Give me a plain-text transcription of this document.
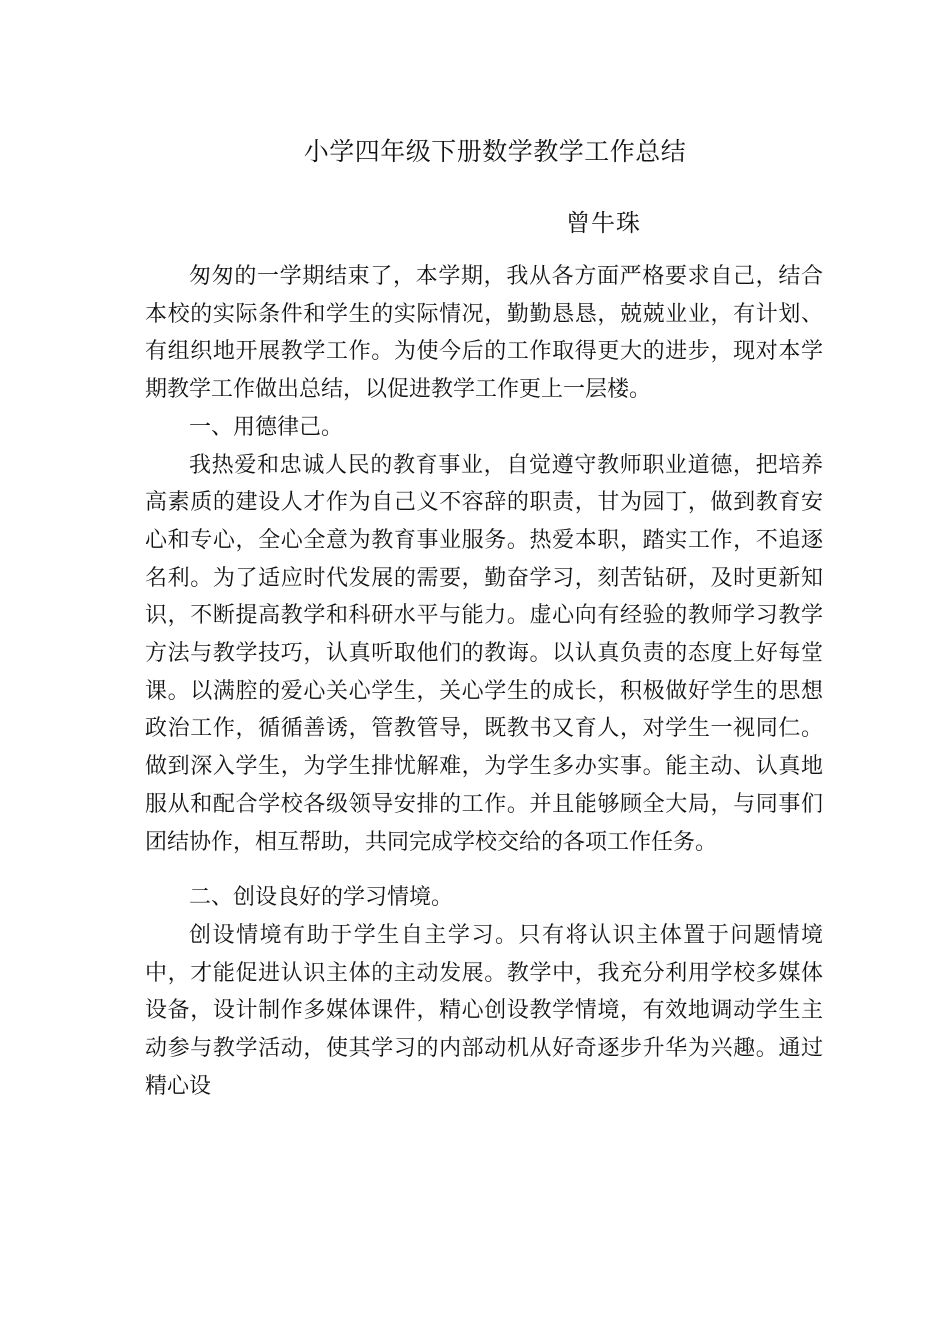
小学四年级下册数学教学工作总结
曾牛珠

匆匆的一学期结束了，本学期，我从各方面严格要求自己，结合本校的实际条件和学生的实际情况，勤勤恳恳，兢兢业业，有计划、有组织地开展教学工作。为使今后的工作取得更大的进步，现对本学期教学工作做出总结，以促进教学工作更上一层楼。

一、用德律己。

我热爱和忠诚人民的教育事业，自觉遵守教师职业道德，把培养高素质的建设人才作为自己义不容辞的职责，甘为园丁，做到教育安心和专心，全心全意为教育事业服务。热爱本职，踏实工作，不追逐名利。为了适应时代发展的需要，勤奋学习，刻苦钻研，及时更新知识，不断提高教学和科研水平与能力。虚心向有经验的教师学习教学方法与教学技巧，认真听取他们的教诲。以认真负责的态度上好每堂课。以满腔的爱心关心学生，关心学生的成长，积极做好学生的思想政治工作，循循善诱，管教管导，既教书又育人，对学生一视同仁。做到深入学生，为学生排忧解难，为学生多办实事。能主动、认真地服从和配合学校各级领导安排的工作。并且能够顾全大局，与同事们团结协作，相互帮助，共同完成学校交给的各项工作任务。

二、创设良好的学习情境。

创设情境有助于学生自主学习。只有将认识主体置于问题情境中，才能促进认识主体的主动发展。教学中，我充分利用学校多媒体设备，设计制作多媒体课件，精心创设教学情境，有效地调动学生主动参与教学活动，使其学习的内部动机从好奇逐步升华为兴趣。通过精心设
